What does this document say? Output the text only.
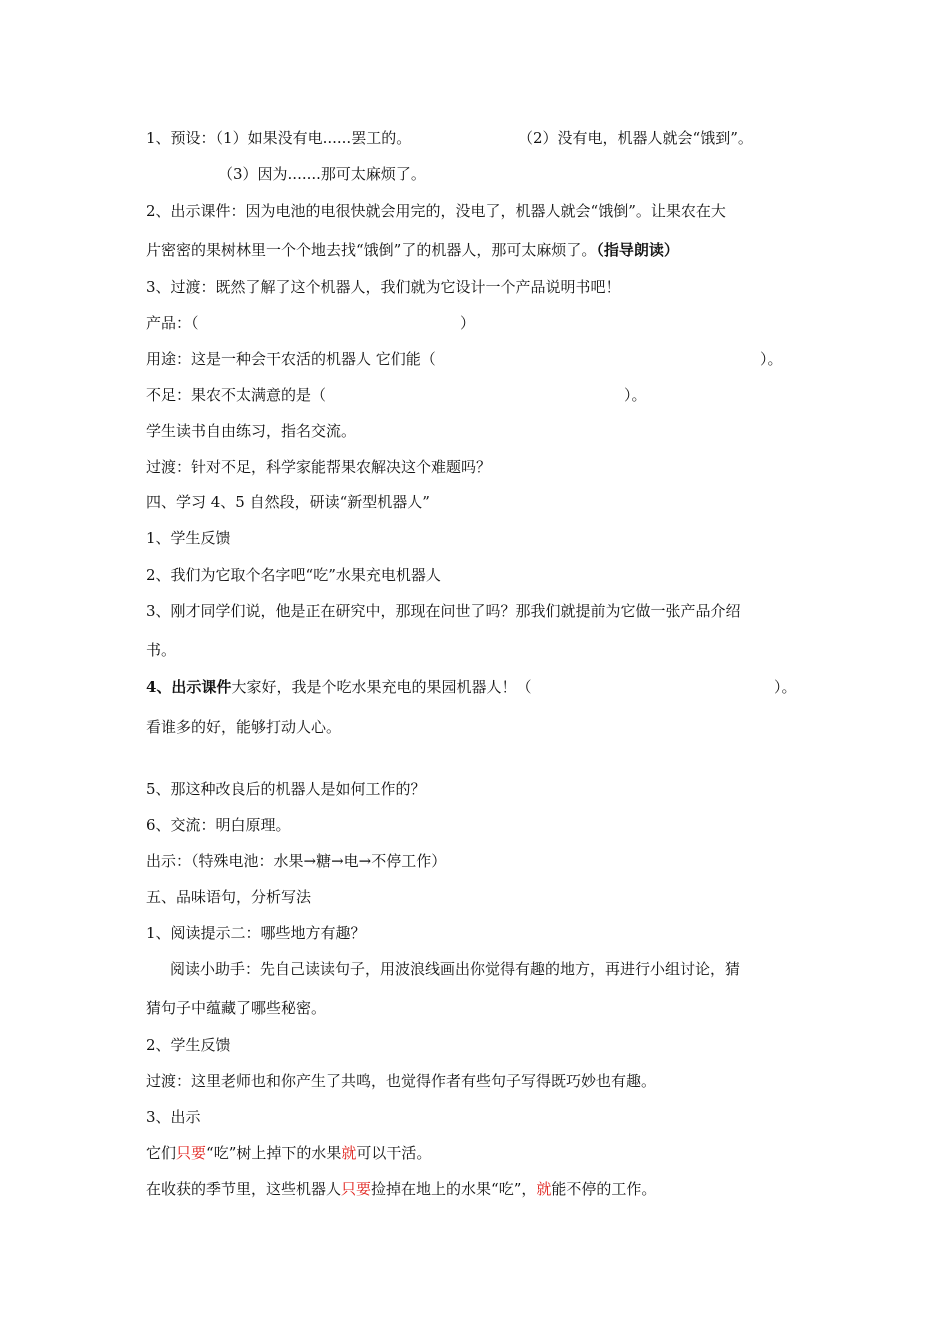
1、预设：（1）如果没有电......罢工的。	（2）没有电，机器人就会“饿到”。
（3）因为.......那可太麻烦了。
2、出示课件：因为电池的电很快就会用完的，没电了，机器人就会“饿倒”。让果农在大
片密密的果树林里一个个地去找“饿倒”了的机器人，那可太麻烦了。（指导朗读）
3、过渡：既然了解了这个机器人，我们就为它设计一个产品说明书吧！
产品：（	）
用途：这是一种会干农活的机器人 它们能（	）。
不足：果农不太满意的是（	）。
学生读书自由练习，指名交流。
过渡：针对不足，科学家能帮果农解决这个难题吗？
四、学习 4、5 自然段，研读“新型机器人”
1、学生反馈
2、我们为它取个名字吧“吃”水果充电机器人
3、刚才同学们说，他是正在研究中，那现在问世了吗？那我们就提前为它做一张产品介绍
书。
4、出示课件大家好，我是个吃水果充电的果园机器人！（	）。
看谁多的好，能够打动人心。
5、那这种改良后的机器人是如何工作的？
6、交流：明白原理。
出示：（特殊电池：水果→糖→电→不停工作）
五、品味语句，分析写法
1、阅读提示二：哪些地方有趣？
阅读小助手：先自己读读句子，用波浪线画出你觉得有趣的地方，再进行小组讨论，猜
猜句子中蕴藏了哪些秘密。
2、学生反馈
过渡：这里老师也和你产生了共鸣，也觉得作者有些句子写得既巧妙也有趣。
3、出示
它们只要“吃”树上掉下的水果就可以干活。
在收获的季节里，这些机器人只要捡掉在地上的水果“吃”，就能不停的工作。
